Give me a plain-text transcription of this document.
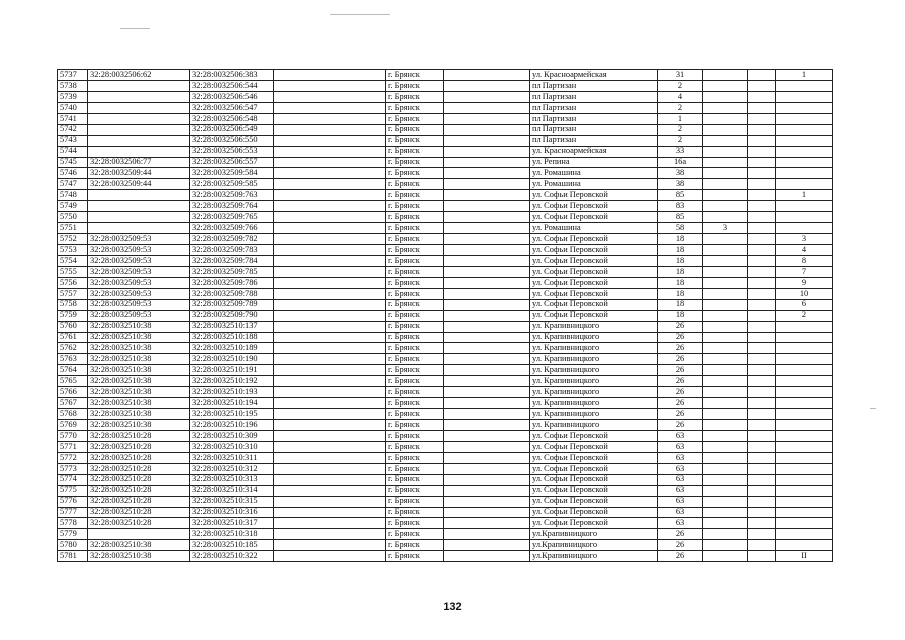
5737	32:28:0032506:62	32:28:0032506:383		г. Брянск		ул. Красноармейская	31			1
5738		32:28:0032506:544		г. Брянск		пл Партизан	2			
5739		32:28:0032506:546		г. Брянск		пл Партизан	4			
5740		32:28:0032506:547		г. Брянск		пл Партизан	2			
5741		32:28:0032506:548		г. Брянск		пл Партизан	1			
5742		32:28:0032506:549		г. Брянск		пл Партизан	2			
5743		32:28:0032506:550		г. Брянск		пл Партизан	2			
5744		32:28:0032506:553		г. Брянск		ул. Красноармейская	33			
5745	32:28:0032506:77	32:28:0032506:557		г. Брянск		ул. Репина	16а			
5746	32:28:0032509:44	32:28:0032509:584		г. Брянск		ул. Ромашина	38			
5747	32:28:0032509:44	32:28:0032509:585		г. Брянск		ул. Ромашина	38			
5748		32:28:0032509:763		г. Брянск		ул. Софьи Перовской	85			1
5749		32:28:0032509:764		г. Брянск		ул. Софьи Перовской	83			
5750		32:28:0032509:765		г. Брянск		ул. Софьи Перовской	85			
5751		32:28:0032509:766		г. Брянск		ул. Ромашина	58	3		
5752	32:28:0032509:53	32:28:0032509:782		г. Брянск		ул. Софьи Перовской	18			3
5753	32:28:0032509:53	32:28:0032509:783		г. Брянск		ул. Софьи Перовской	18			4
5754	32:28:0032509:53	32:28:0032509:784		г. Брянск		ул. Софьи Перовской	18			8
5755	32:28:0032509:53	32:28:0032509:785		г. Брянск		ул. Софьи Перовской	18			7
5756	32:28:0032509:53	32:28:0032509:786		г. Брянск		ул. Софьи Перовской	18			9
5757	32:28:0032509:53	32:28:0032509:788		г. Брянск		ул. Софьи Перовской	18			10
5758	32:28:0032509:53	32:28:0032509:789		г. Брянск		ул. Софьи Перовской	18			6
5759	32:28:0032509:53	32:28:0032509:790		г. Брянск		ул. Софьи Перовской	18			2
5760	32:28:0032510:38	32:28:0032510:137		г. Брянск		ул. Крапивницкого	26			
5761	32:28:0032510:38	32:28:0032510:188		г. Брянск		ул. Крапивницкого	26			
5762	32:28:0032510:38	32:28:0032510:189		г. Брянск		ул. Крапивницкого	26			
5763	32:28:0032510:38	32:28:0032510:190		г. Брянск		ул. Крапивницкого	26			
5764	32:28:0032510:38	32:28:0032510:191		г. Брянск		ул. Крапивницкого	26			
5765	32:28:0032510:38	32:28:0032510:192		г. Брянск		ул. Крапивницкого	26			
5766	32:28:0032510:38	32:28:0032510:193		г. Брянск		ул. Крапивницкого	26			
5767	32:28:0032510:38	32:28:0032510:194		г. Брянск		ул. Крапивницкого	26			
5768	32:28:0032510:38	32:28:0032510:195		г. Брянск		ул. Крапивницкого	26			
5769	32:28:0032510:38	32:28:0032510:196		г. Брянск		ул. Крапивницкого	26			
5770	32:28:0032510:28	32:28:0032510:309		г. Брянск		ул. Софьи Перовской	63			
5771	32:28:0032510:28	32:28:0032510:310		г. Брянск		ул. Софьи Перовской	63			
5772	32:28:0032510:28	32:28:0032510:311		г. Брянск		ул. Софьи Перовской	63			
5773	32:28:0032510:28	32:28:0032510:312		г. Брянск		ул. Софьи Перовской	63			
5774	32:28:0032510:28	32:28:0032510:313		г. Брянск		ул. Софьи Перовской	63			
5775	32:28:0032510:28	32:28:0032510:314		г. Брянск		ул. Софьи Перовской	63			
5776	32:28:0032510:28	32:28:0032510:315		г. Брянск		ул. Софьи Перовской	63			
5777	32:28:0032510:28	32:28:0032510:316		г. Брянск		ул. Софьи Перовской	63			
5778	32:28:0032510:28	32:28:0032510:317		г. Брянск		ул. Софьи Перовской	63			
5779		32:28:0032510:318		г. Брянск		ул.Крапивницкого	26			
5780	32:28:0032510:38	32:28:0032510:185		г. Брянск		ул.Крапивницкого	26			
5781	32:28:0032510:38	32:28:0032510:322		г. Брянск		ул.Крапивницкого	26			II
132
